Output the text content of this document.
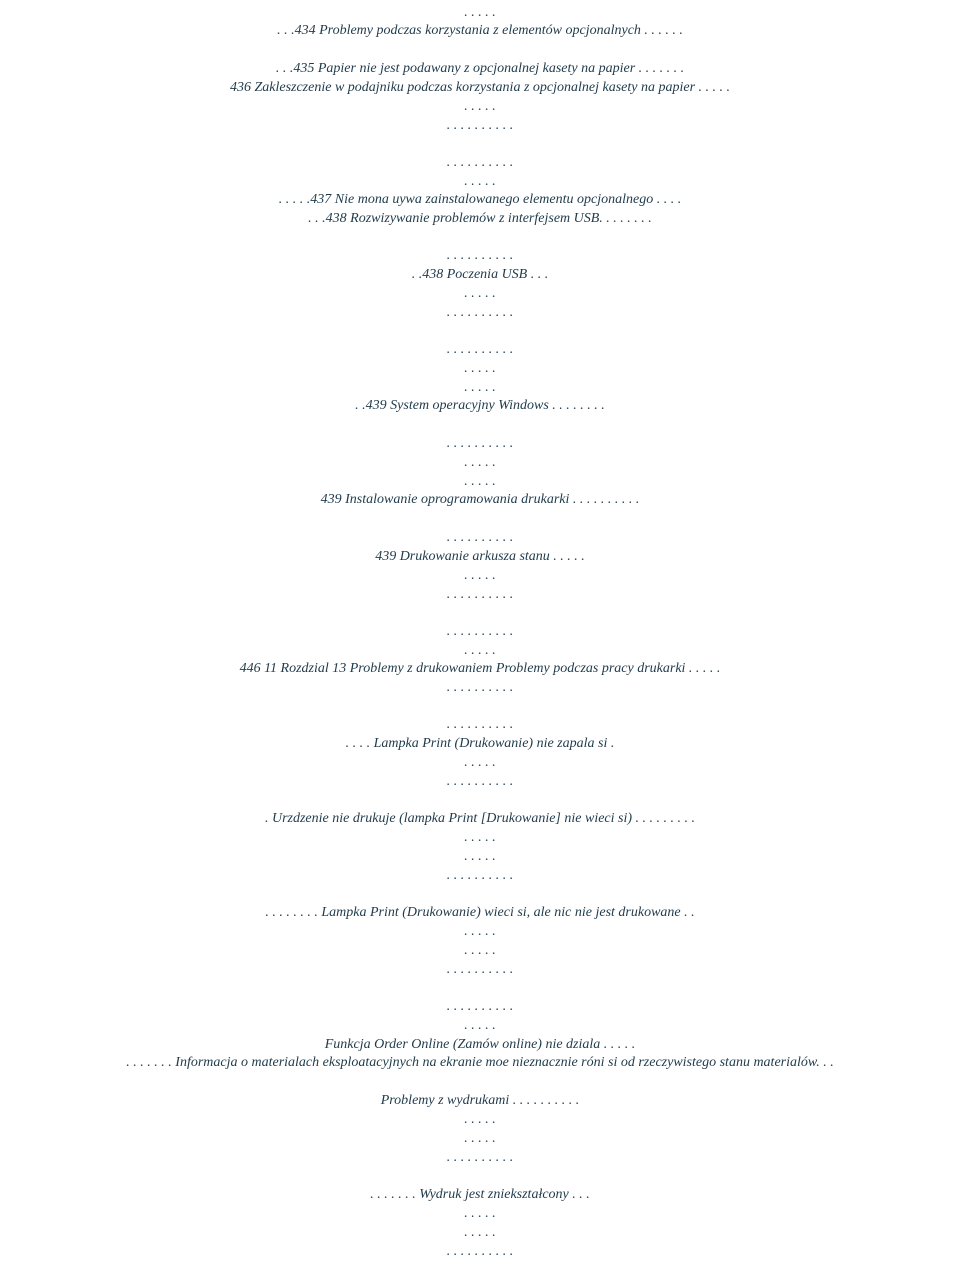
. . . . .
. . .434 Problemy podczas korzystania z elementów opcjonalnych . . . . . .
. . .435 Papier nie jest podawany z opcjonalnej kasety na papier . . . . . . .
436 Zakleszczenie w podajniku podczas korzystania z opcjonalnej kasety na papier . . . . .
. . . . .
. . . . . . . . . .
. . . . . . . . . .
. . . . .
. . . . .437 Nie mona uywa zainstalowanego elementu opcjonalnego . . . .
. . .438 Rozwizywanie problemów z interfejsem USB. . . . . . . .
. . . . . . . . . .
. .438 Poczenia USB . . .
. . . . .
. . . . . . . . . .
. . . . . . . . . .
. . . . .
. . . . .
. .439 System operacyjny Windows . . . . . . . .
. . . . . . . . . .
. . . . .
. . . . .
439 Instalowanie oprogramowania drukarki . . . . . . . . . .
. . . . . . . . . .
439 Drukowanie arkusza stanu . . . . .
. . . . .
. . . . . . . . . .
. . . . . . . . . .
. . . . .
446 11 Rozdzial 13 Problemy z drukowaniem Problemy podczas pracy drukarki . . . . .
. . . . . . . . . .
. . . . . . . . . .
. . . . Lampka Print (Drukowanie) nie zapala si .
. . . . .
. . . . . . . . . .
. Urzdzenie nie drukuje (lampka Print [Drukowanie] nie wieci si) . . . . . . . . .
. . . . .
. . . . .
. . . . . . . . . .
. . . . . . . . Lampka Print (Drukowanie) wieci si, ale nic nie jest drukowane . .
. . . . .
. . . . .
. . . . . . . . . .
. . . . . . . . . .
. . . . .
Funkcja Order Online (Zamów online) nie dziala . . . . .
. . . . . . . Informacja o materialach eksploatacyjnych na ekranie moe nieznacznie róni si od rzeczywistego stanu materialów. . .
Problemy z wydrukami . . . . . . . . . .
. . . . .
. . . . .
. . . . . . . . . .
. . . . . . . Wydruk jest zniekształcony . . .
. . . . .
. . . . .
. . . . . . . . . .
